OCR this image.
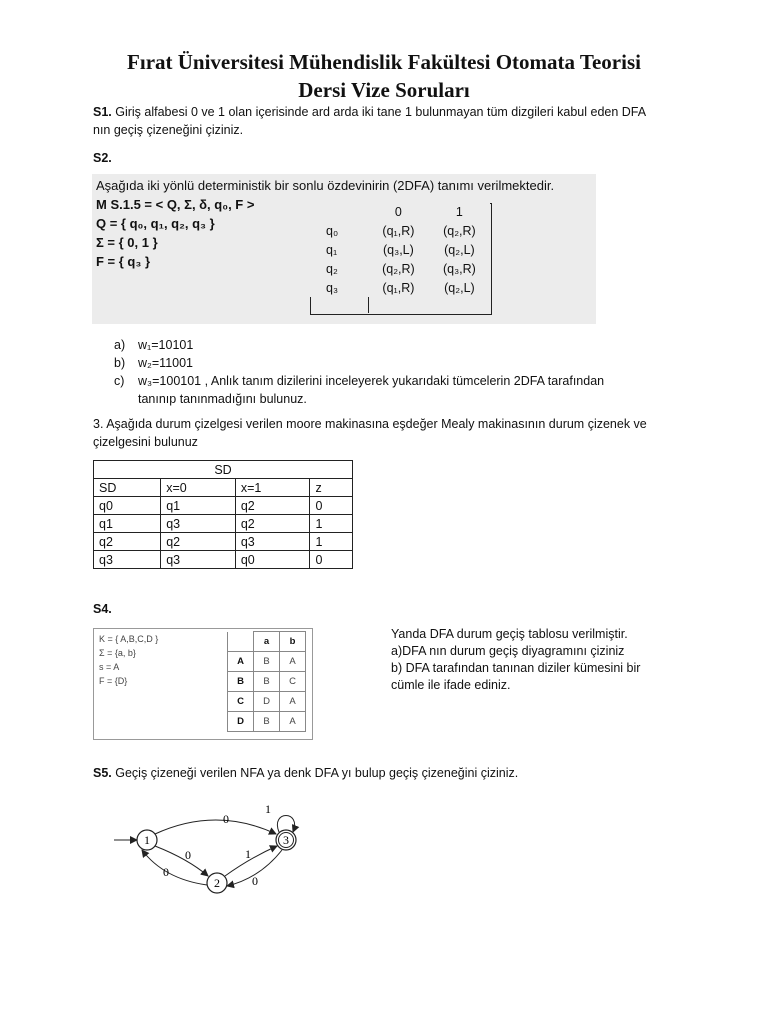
Fırat Üniversitesi Mühendislik Fakültesi Otomata Teorisi
Dersi Vize Soruları
S1. Giriş alfabesi 0 ve 1 olan içerisinde ard arda iki tane 1 bulunmayan tüm dizgileri kabul eden DFA
nın geçiş çizeneğini çiziniz.
S2.
Aşağıda iki yönlü deterministik bir sonlu özdevinirin (2DFA) tanımı verilmektedir.
M S.1.5 = < Q, Σ, δ, q₀, F >
Q = { q₀, q₁, q₂, q₃ }
Σ = { 0, 1 }
F = { q₃ }
	0	1
q₀	(q₁,R)	(q₂,R)
q₁	(q₃,L)	(q₂,L)
q₂	(q₂,R)	(q₃,R)
q₃	(q₁,R)	(q₂,L)
a) w₁=10101
b) w₂=11001
c) w₃=100101 , Anlık tanım dizilerini inceleyerek yukarıdaki tümcelerin 2DFA tarafından
tanınıp tanınmadığını bulunuz.
3. Aşağıda durum çizelgesi verilen moore makinasına eşdeğer Mealy makinasının durum çizenek ve
çizelgesini bulunuz
SD			
SD	x=0	x=1	z
q0	q1	q2	0
q1	q3	q2	1
q2	q2	q3	1
q3	q3	q0	0
S4.
K = { A,B,C,D }
Σ = {a, b}
s = A
F = {D}
	a	b
A	B	A
B	B	C
C	D	A
D	B	A
Yanda DFA durum geçiş tablosu verilmiştir.
a)DFA nın durum geçiş diyagramını çiziniz
b) DFA tarafından tanınan diziler kümesini bir
cümle ile ifade ediniz.
S5. Geçiş çizeneği verilen NFA ya denk DFA yı bulup geçiş çizeneğini çiziniz.
1
2
3
0
0
0	1
0
1
